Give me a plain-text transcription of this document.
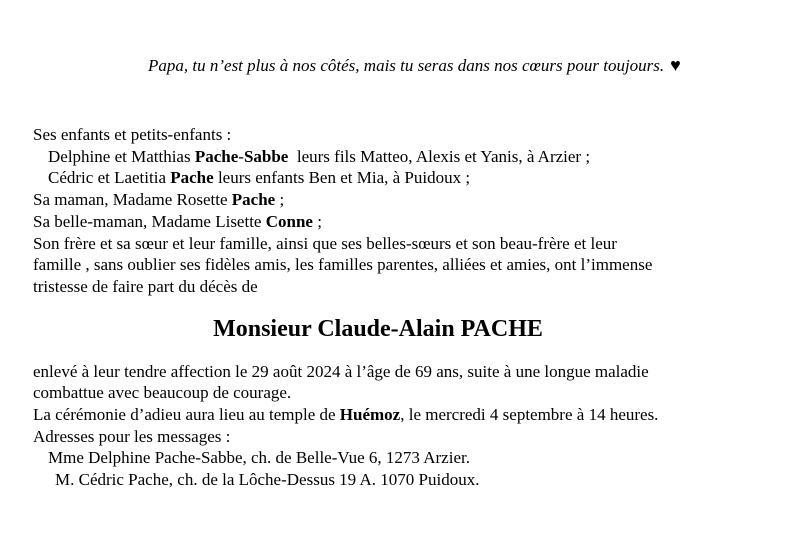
Papa, tu n’est plus à nos côtés, mais tu seras dans nos cœurs pour toujours. ♥
Ses enfants et petits-enfants :
Delphine et Matthias Pache-Sabbe  leurs fils Matteo, Alexis et Yanis, à Arzier ;
Cédric et Laetitia Pache leurs enfants Ben et Mia, à Puidoux ;
Sa maman, Madame Rosette Pache ;
Sa belle-maman, Madame Lisette Conne ;
Son frère et sa sœur et leur famille, ainsi que ses belles-sœurs et son beau-frère et leur
famille , sans oublier ses fidèles amis, les familles parentes, alliées et amies, ont l’immense
tristesse de faire part du décès de
Monsieur Claude-Alain PACHE
enlevé à leur tendre affection le 29 août 2024 à l’âge de 69 ans, suite à une longue maladie
combattue avec beaucoup de courage.
La cérémonie d’adieu aura lieu au temple de Huémoz, le mercredi 4 septembre à 14 heures.
Adresses pour les messages :
Mme Delphine Pache-Sabbe, ch. de Belle-Vue 6, 1273 Arzier.
M. Cédric Pache, ch. de la Lôche-Dessus 19 A. 1070 Puidoux.
